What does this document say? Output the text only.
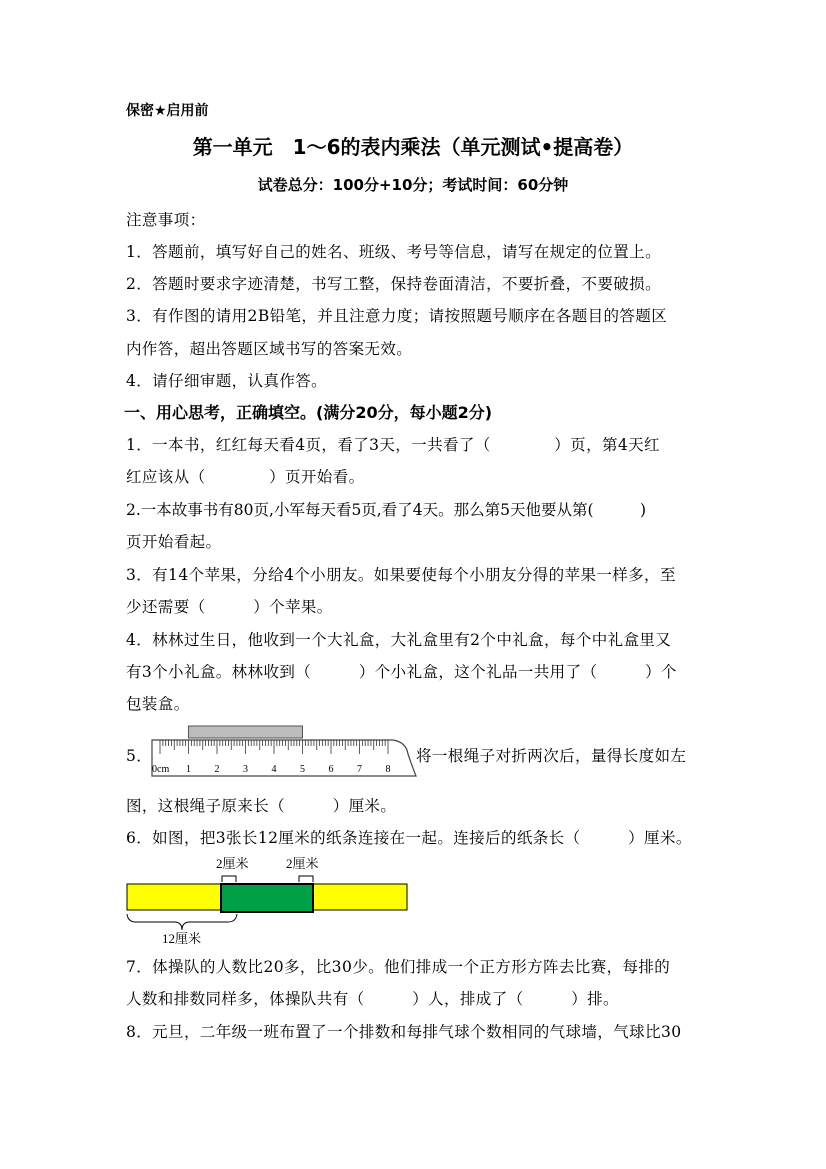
保密★启用前
第一单元　1～6的表内乘法（单元测试•提高卷）
试卷总分：100分+10分；考试时间：60分钟
注意事项：
1．答题前，填写好自己的姓名、班级、考号等信息，请写在规定的位置上。
2．答题时要求字迹清楚，书写工整，保持卷面清洁，不要折叠，不要破损。
3．有作图的请用2B铅笔，并且注意力度；请按照题号顺序在各题目的答题区
内作答，超出答题区域书写的答案无效。
4．请仔细审题，认真作答。
一、用心思考，正确填空。(满分20分，每小题2分)
1．一本书，红红每天看4页，看了3天，一共看了（　　　　）页，第4天红
红应该从（　　　　）页开始看。
2.一本故事书有80页,小军每天看5页,看了4天。那么第5天他要从第(　　　)
页开始看起。
3．有14个苹果，分给4个小朋友。如果要使每个小朋友分得的苹果一样多，至
少还需要（　　　）个苹果。
4．林林过生日，他收到一个大礼盒，大礼盒里有2个中礼盒，每个中礼盒里又
有3个小礼盒。林林收到（　　　）个小礼盒，这个礼品一共用了（　　　）个
包装盒。
5．
0cm 1 2 3 4 5 6 7 8
将一根绳子对折两次后，量得长度如左
图，这根绳子原来长（　　　）厘米。
6．如图，把3张长12厘米的纸条连接在一起。连接后的纸条长（　　　）厘米。
2厘米	2厘米
12厘米
7．体操队的人数比20多，比30少。他们排成一个正方形方阵去比赛，每排的
人数和排数同样多，体操队共有（　　　）人，排成了（　　　）排。
8．元旦，二年级一班布置了一个排数和每排气球个数相同的气球墙，气球比30
